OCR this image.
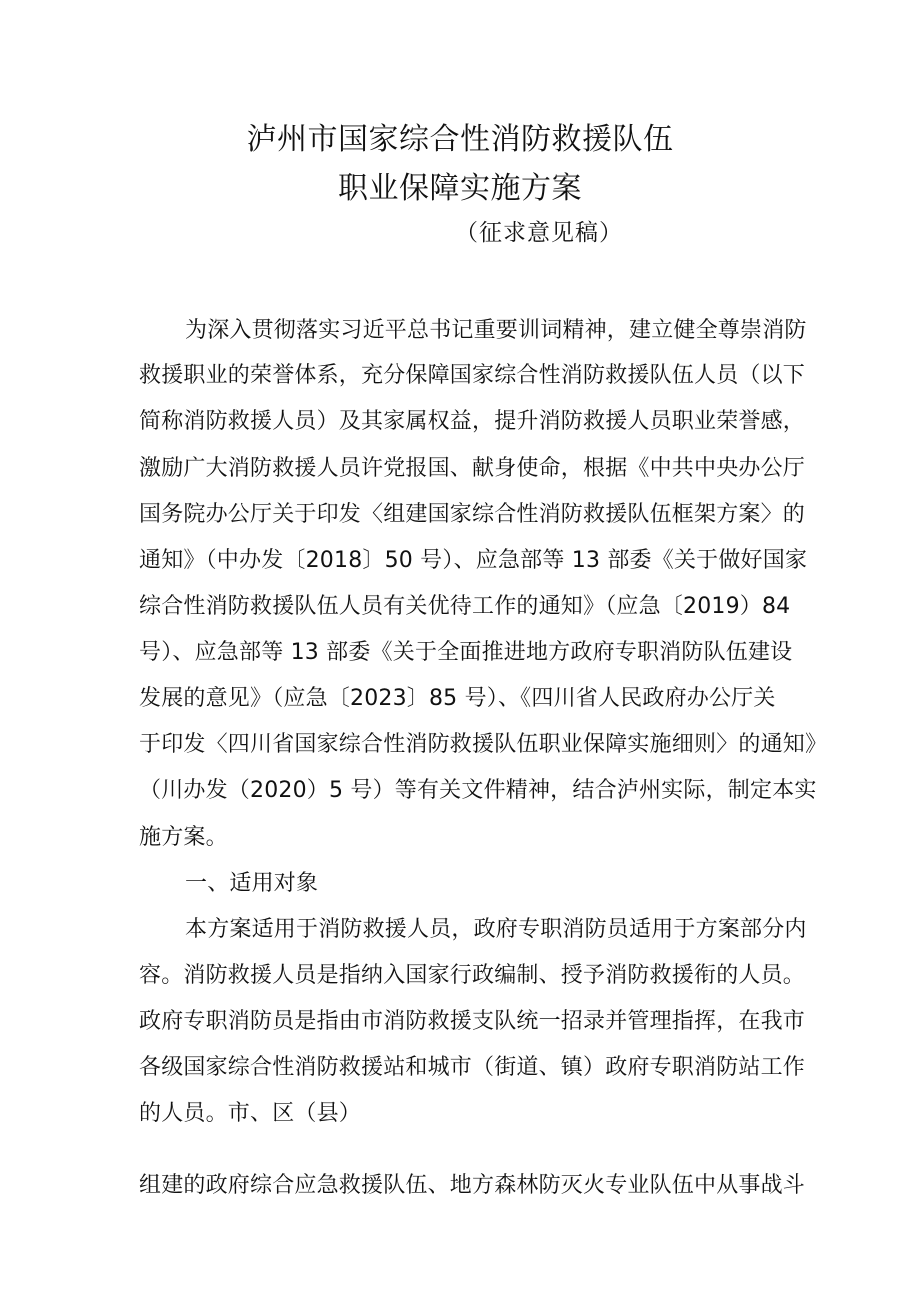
泸州市国家综合性消防救援队伍
职业保障实施方案
（征求意见稿）
为深入贯彻落实习近平总书记重要训词精神，建立健全尊崇消防
救援职业的荣誉体系，充分保障国家综合性消防救援队伍人员（以下
简称消防救援人员）及其家属权益，提升消防救援人员职业荣誉感，
激励广大消防救援人员许党报国、献身使命，根据《中共中央办公厅
国务院办公厅关于印发〈组建国家综合性消防救援队伍框架方案〉的
通知》（中办发〔2018〕50 号）、应急部等 13 部委《关于做好国家
综合性消防救援队伍人员有关优待工作的通知》（应急〔2019）84
号）、应急部等 13 部委《关于全面推进地方政府专职消防队伍建设
发展的意见》（应急〔2023〕85 号）、《四川省人民政府办公厅关
于印发〈四川省国家综合性消防救援队伍职业保障实施细则〉的通知》
（川办发（2020）5 号）等有关文件精神，结合泸州实际，制定本实
施方案。
一、适用对象
本方案适用于消防救援人员，政府专职消防员适用于方案部分内
容。消防救援人员是指纳入国家行政编制、授予消防救援衔的人员。
政府专职消防员是指由市消防救援支队统一招录并管理指挥，在我市
各级国家综合性消防救援站和城市（街道、镇）政府专职消防站工作
的人员。市、区（县）
组建的政府综合应急救援队伍、地方森林防灭火专业队伍中从事战斗
